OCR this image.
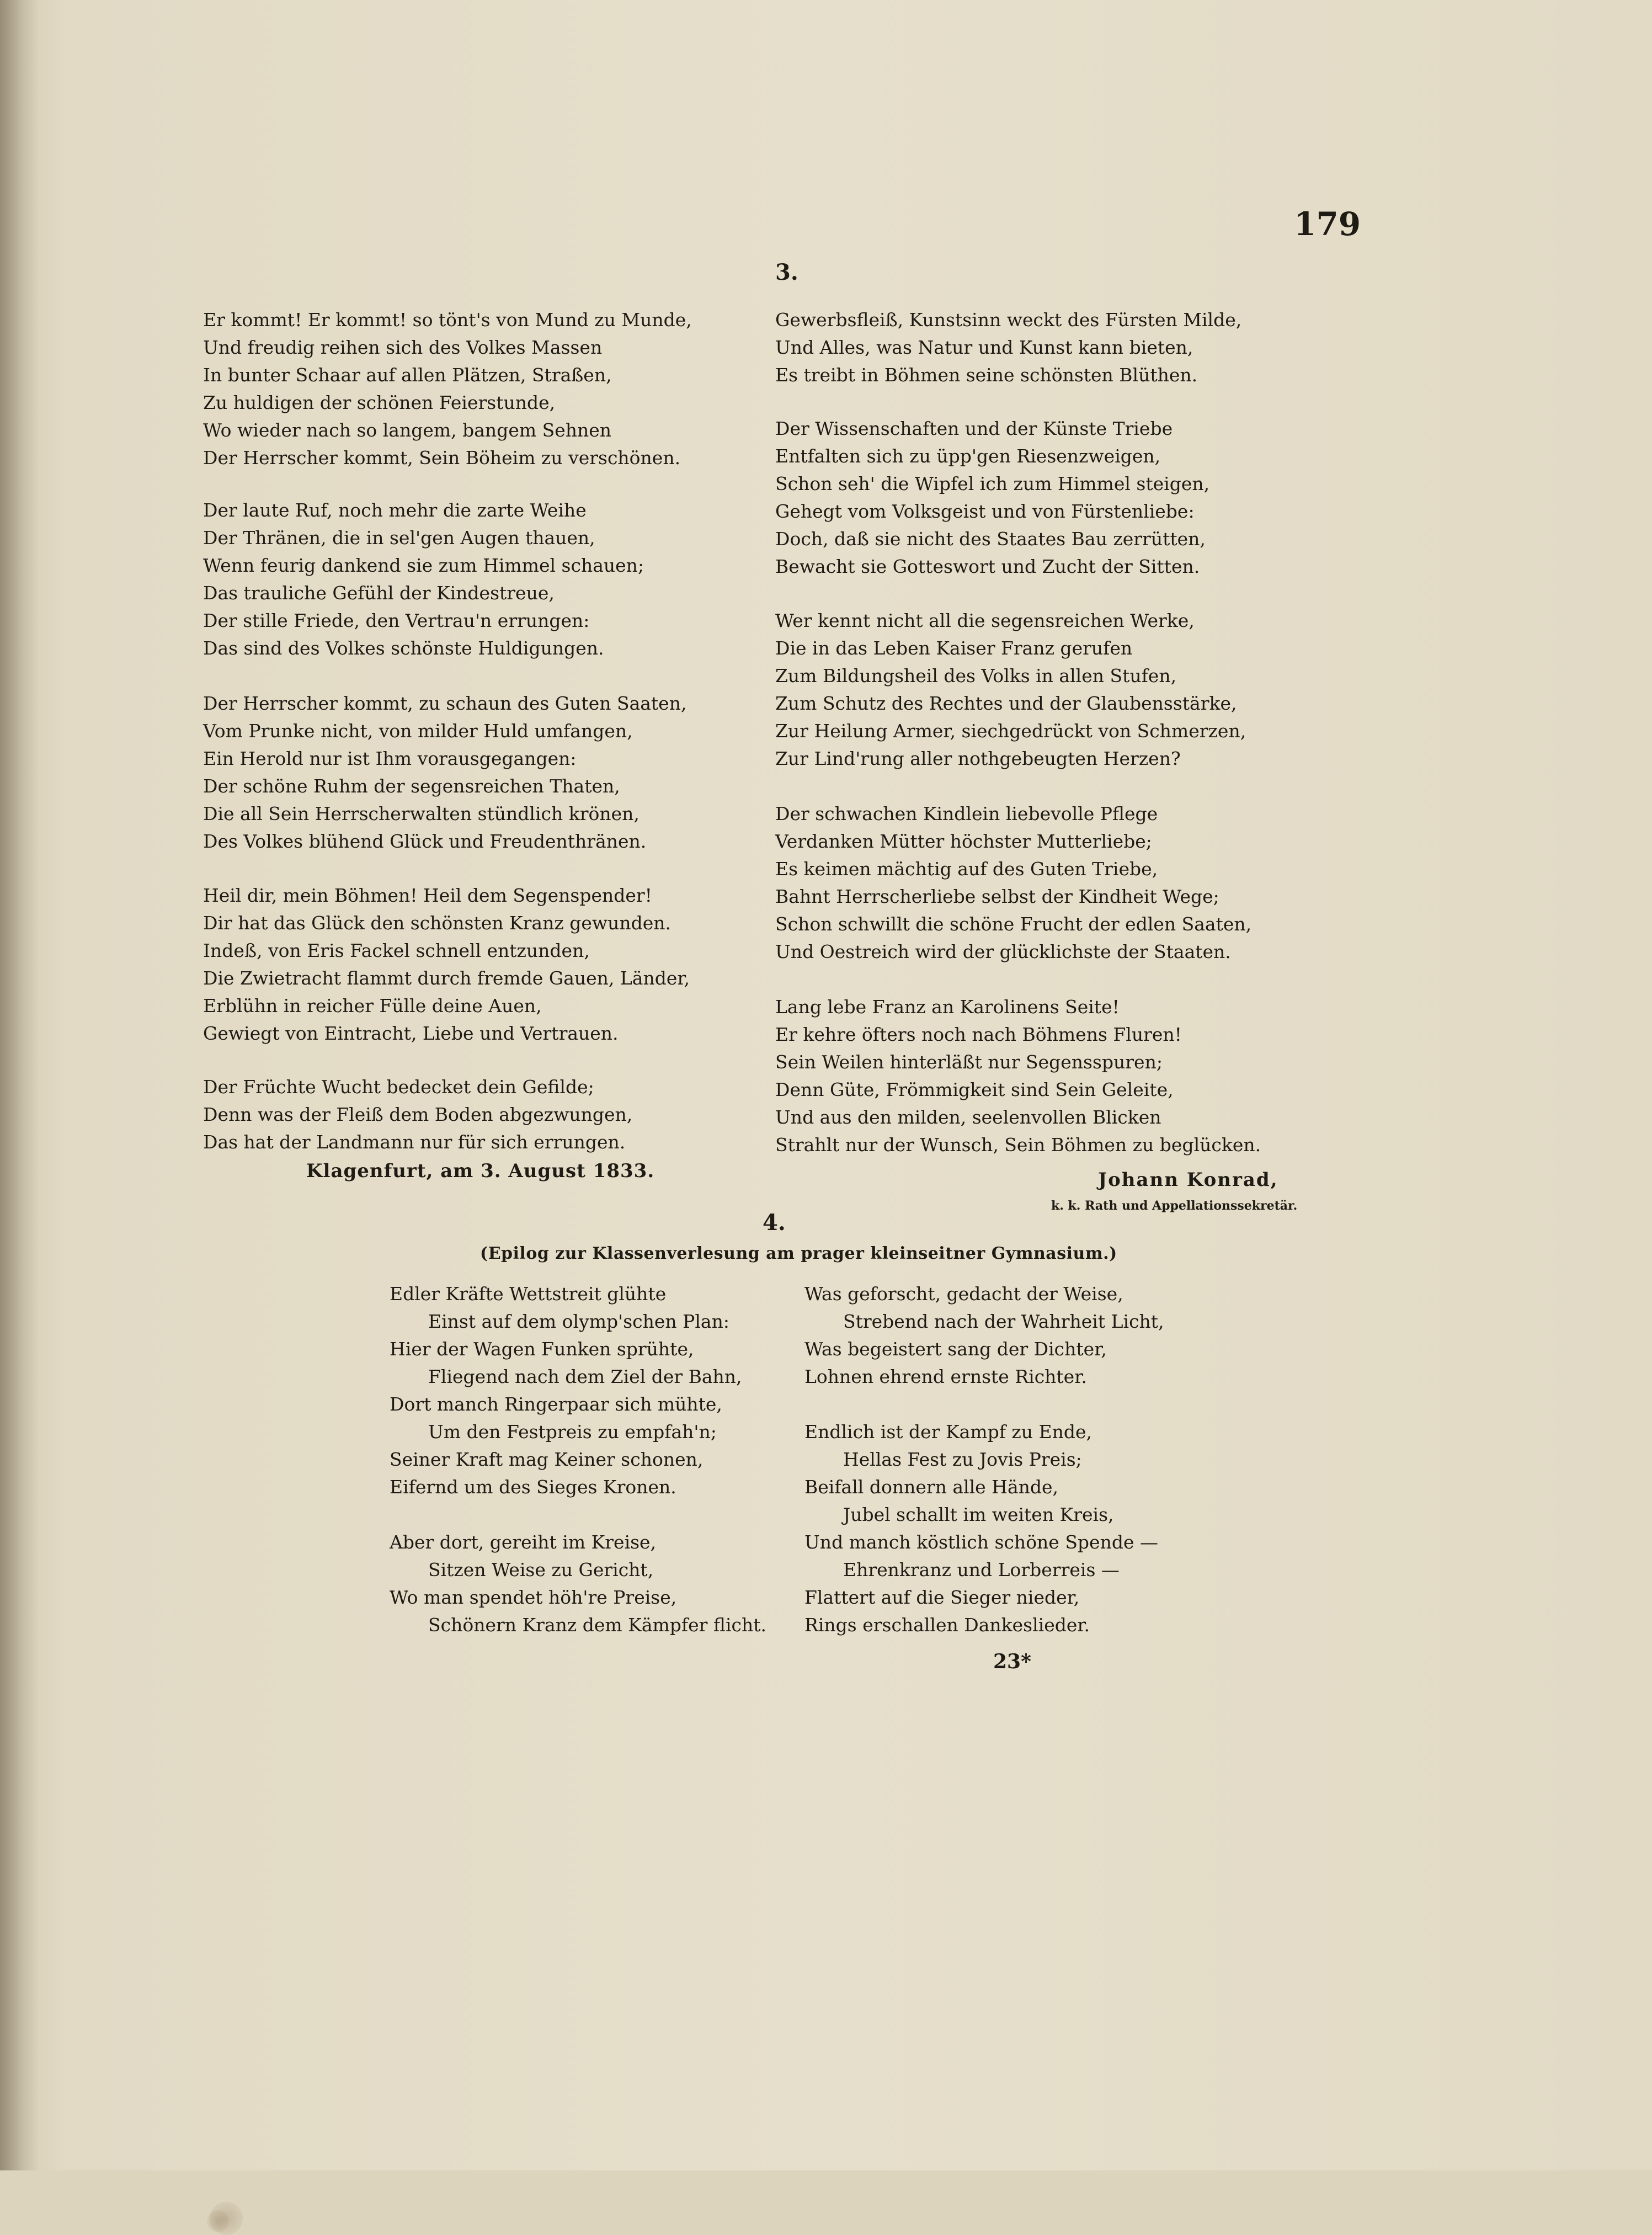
179
3.
Er kommt! Er kommt! so tönt's von Mund zu Munde,
Und freudig reihen sich des Volkes Massen
In bunter Schaar auf allen Plätzen, Straßen,
Zu huldigen der schönen Feierstunde,
Wo wieder nach so langem, bangem Sehnen
Der Herrscher kommt, Sein Böheim zu verschönen.
Der laute Ruf, noch mehr die zarte Weihe
Der Thränen, die in sel'gen Augen thauen,
Wenn feurig dankend sie zum Himmel schauen;
Das trauliche Gefühl der Kindestreue,
Der stille Friede, den Vertrau'n errungen:
Das sind des Volkes schönste Huldigungen.
Der Herrscher kommt, zu schaun des Guten Saaten,
Vom Prunke nicht, von milder Huld umfangen,
Ein Herold nur ist Ihm vorausgegangen:
Der schöne Ruhm der segensreichen Thaten,
Die all Sein Herrscherwalten stündlich krönen,
Des Volkes blühend Glück und Freudenthränen.
Heil dir, mein Böhmen! Heil dem Segenspender!
Dir hat das Glück den schönsten Kranz gewunden.
Indeß, von Eris Fackel schnell entzunden,
Die Zwietracht flammt durch fremde Gauen, Länder,
Erblühn in reicher Fülle deine Auen,
Gewiegt von Eintracht, Liebe und Vertrauen.
Der Früchte Wucht bedecket dein Gefilde;
Denn was der Fleiß dem Boden abgezwungen,
Das hat der Landmann nur für sich errungen.
Klagenfurt, am 3. August 1833.
Gewerbsfleiß, Kunstsinn weckt des Fürsten Milde,
Und Alles, was Natur und Kunst kann bieten,
Es treibt in Böhmen seine schönsten Blüthen.
Der Wissenschaften und der Künste Triebe
Entfalten sich zu üpp'gen Riesenzweigen,
Schon seh' die Wipfel ich zum Himmel steigen,
Gehegt vom Volksgeist und von Fürstenliebe:
Doch, daß sie nicht des Staates Bau zerrütten,
Bewacht sie Gotteswort und Zucht der Sitten.
Wer kennt nicht all die segensreichen Werke,
Die in das Leben Kaiser Franz gerufen
Zum Bildungsheil des Volks in allen Stufen,
Zum Schutz des Rechtes und der Glaubensstärke,
Zur Heilung Armer, siechgedrückt von Schmerzen,
Zur Lind'rung aller nothgebeugten Herzen?
Der schwachen Kindlein liebevolle Pflege
Verdanken Mütter höchster Mutterliebe;
Es keimen mächtig auf des Guten Triebe,
Bahnt Herrscherliebe selbst der Kindheit Wege;
Schon schwillt die schöne Frucht der edlen Saaten,
Und Oestreich wird der glücklichste der Staaten.
Lang lebe Franz an Karolinens Seite!
Er kehre öfters noch nach Böhmens Fluren!
Sein Weilen hinterläßt nur Segensspuren;
Denn Güte, Frömmigkeit sind Sein Geleite,
Und aus den milden, seelenvollen Blicken
Strahlt nur der Wunsch, Sein Böhmen zu beglücken.
Johann Konrad,
k. k. Rath und Appellationssekretär.
4.
(Epilog zur Klassenverlesung am prager kleinseitner Gymnasium.)
Edler Kräfte Wettstreit glühte
Einst auf dem olymp'schen Plan:
Hier der Wagen Funken sprühte,
Fliegend nach dem Ziel der Bahn,
Dort manch Ringerpaar sich mühte,
Um den Festpreis zu empfah'n;
Seiner Kraft mag Keiner schonen,
Eifernd um des Sieges Kronen.
Aber dort, gereiht im Kreise,
Sitzen Weise zu Gericht,
Wo man spendet höh're Preise,
Schönern Kranz dem Kämpfer flicht.
Was geforscht, gedacht der Weise,
Strebend nach der Wahrheit Licht,
Was begeistert sang der Dichter,
Lohnen ehrend ernste Richter.
Endlich ist der Kampf zu Ende,
Hellas Fest zu Jovis Preis;
Beifall donnern alle Hände,
Jubel schallt im weiten Kreis,
Und manch köstlich schöne Spende —
Ehrenkranz und Lorberreis —
Flattert auf die Sieger nieder,
Rings erschallen Dankeslieder.
23*
